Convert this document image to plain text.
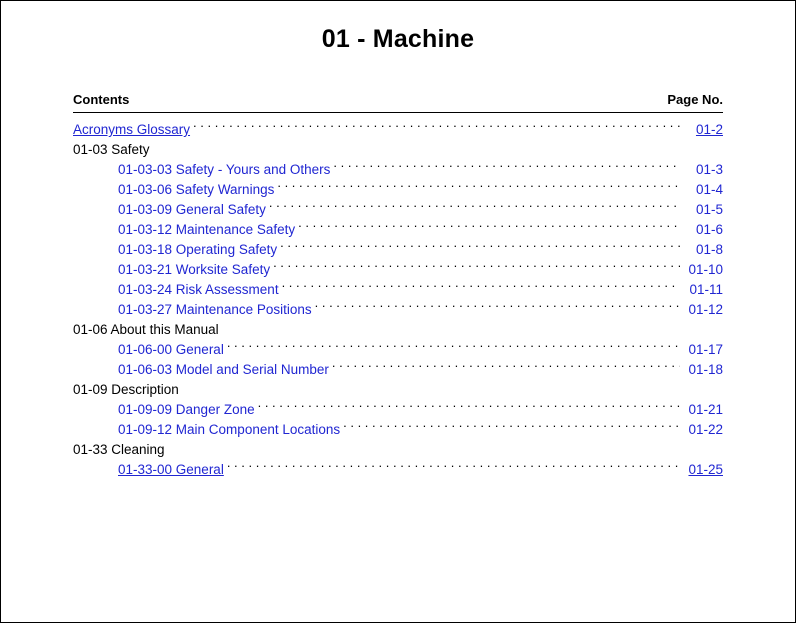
01 - Machine
Contents	Page No.
Acronyms Glossary . . .	01-2
01-03 Safety
01-03-03 Safety - Yours and Others . . .	01-3
01-03-06 Safety Warnings . . .	01-4
01-03-09 General Safety . . .	01-5
01-03-12 Maintenance Safety . . .	01-6
01-03-18 Operating Safety . . .	01-8
01-03-21 Worksite Safety . . .	01-10
01-03-24 Risk Assessment . . .	01-11
01-03-27 Maintenance Positions . . .	01-12
01-06 About this Manual
01-06-00 General . . .	01-17
01-06-03 Model and Serial Number . . .	01-18
01-09 Description
01-09-09 Danger Zone . . .	01-21
01-09-12 Main Component Locations . . .	01-22
01-33 Cleaning
01-33-00 General . . .	01-25
